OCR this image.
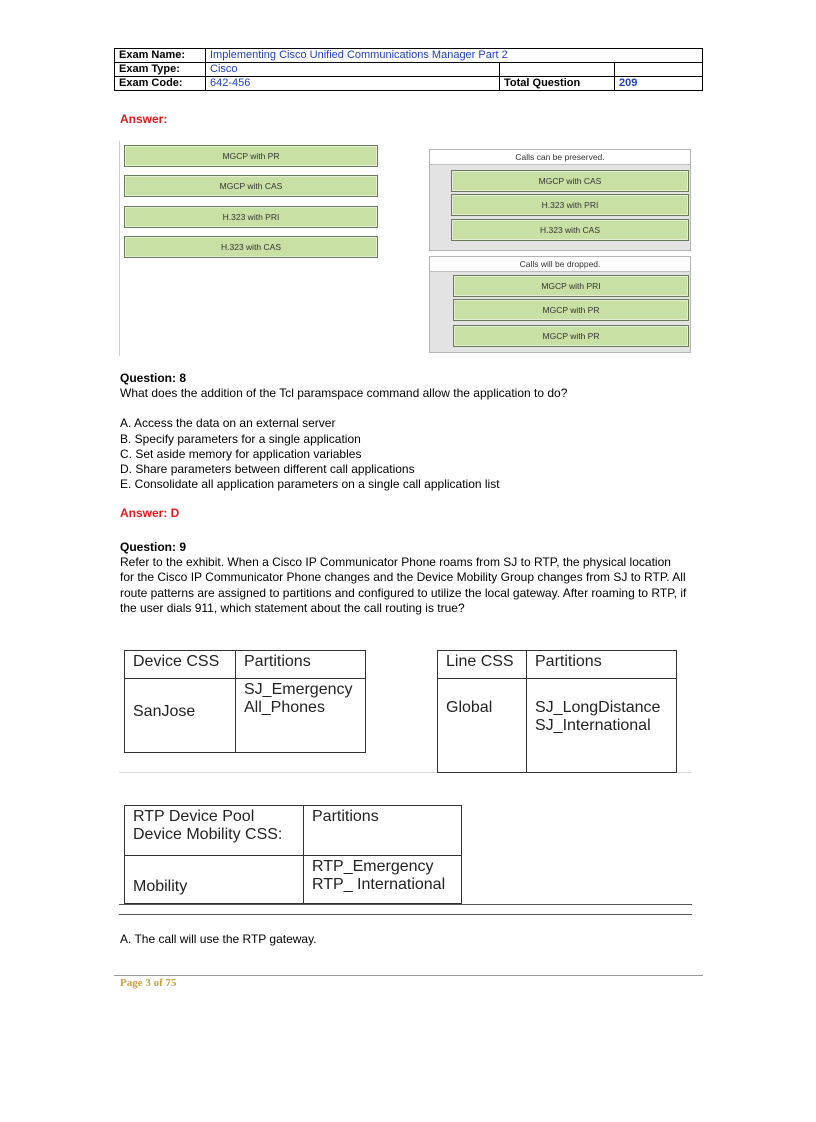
Exam Name:	Implementing Cisco Unified Communications Manager Part 2		
Exam Type:	Cisco		
Exam Code:	642-456	Total Question	209
Answer:
MGCP with PR
MGCP with CAS
H.323 with PRI
H.323 with CAS
Calls can be preserved.
MGCP with CAS
H.323 with PRI
H.323 with CAS
Calls will be dropped.
MGCP with PRI
MGCP with PR
MGCP with PR
Question: 8
What does the addition of the Tcl paramspace command allow the application to do?
A. Access the data on an external server
B. Specify parameters for a single application
C. Set aside memory for application variables
D. Share parameters between different call applications
E. Consolidate all application parameters on a single call application list
Answer: D
Question: 9
Refer to the exhibit. When a Cisco IP Communicator Phone roams from SJ to RTP, the physical location for the Cisco IP Communicator Phone changes and the Device Mobility Group changes from SJ to RTP. All route patterns are assigned to partitions and configured to utilize the local gateway. After roaming to RTP, if the user dials 911, which statement about the call routing is true?
Device CSS	Partitions
SanJose	SJ_Emergency
All_Phones
Line CSS	Partitions
Global	SJ_LongDistance
SJ_International
RTP Device Pool
Device Mobility CSS:	Partitions
Mobility	RTP_Emergency
RTP_ International
A. The call will use the RTP gateway.
Page 3 of 75
